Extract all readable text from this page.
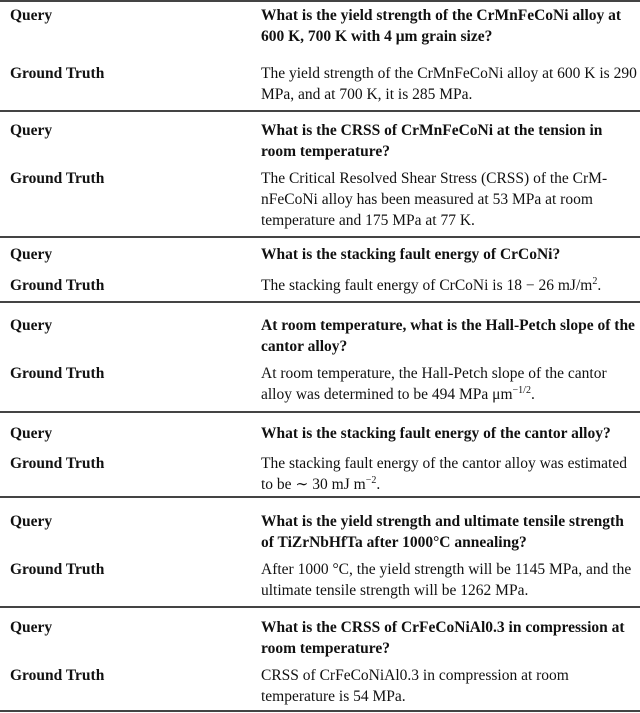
Query	What is the yield strength of the CrMnFeCoNi alloy at 600 K, 700 K with 4 μm grain size?
Ground Truth	The yield strength of the CrMnFeCoNi alloy at 600 K is 290 MPa, and at 700 K, it is 285 MPa.
Query	What is the CRSS of CrMnFeCoNi at the tension in room temperature?
Ground Truth	The Critical Resolved Shear Stress (CRSS) of the CrM-nFeCoNi alloy has been measured at 53 MPa at room temperature and 175 MPa at 77 K.
Query	What is the stacking fault energy of CrCoNi?
Ground Truth	The stacking fault energy of CrCoNi is 18 − 26 $mJ/m^2$.
Query	At room temperature, what is the Hall-Petch slope of the cantor alloy?
Ground Truth	At room temperature, the Hall-Petch slope of the cantor alloy was determined to be 494 MPa $\mu m^{-1/2}$.
Query	What is the stacking fault energy of the cantor alloy?
Ground Truth	The stacking fault energy of the cantor alloy was estimated to be ∼ 30 mJ $m^{-2}$.
Query	What is the yield strength and ultimate tensile strength of TiZrNbHfTa after 1000°C annealing?
Ground Truth	After 1000 °C, the yield strength will be 1145 MPa, and the ultimate tensile strength will be 1262 MPa.
Query	What is the CRSS of CrFeCoNiAl0.3 in compression at room temperature?
Ground Truth	CRSS of CrFeCoNiAl0.3 in compression at room temperature is 54 MPa.
